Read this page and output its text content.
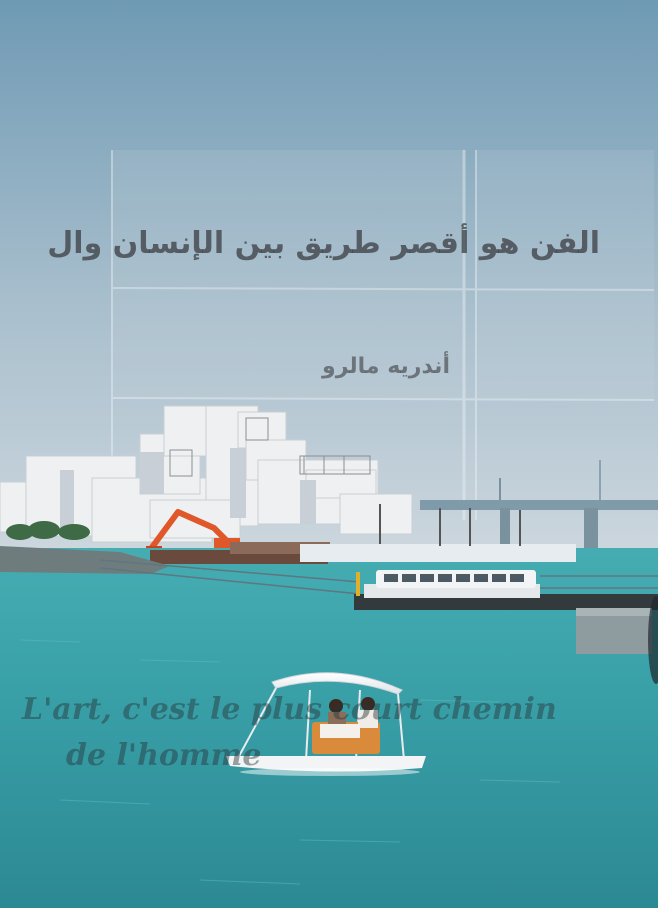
الفن هو أقصر طريق بين الإنسان وال
أندريه مالرو
L'art, c'est le plus court chemin
de l'homme
